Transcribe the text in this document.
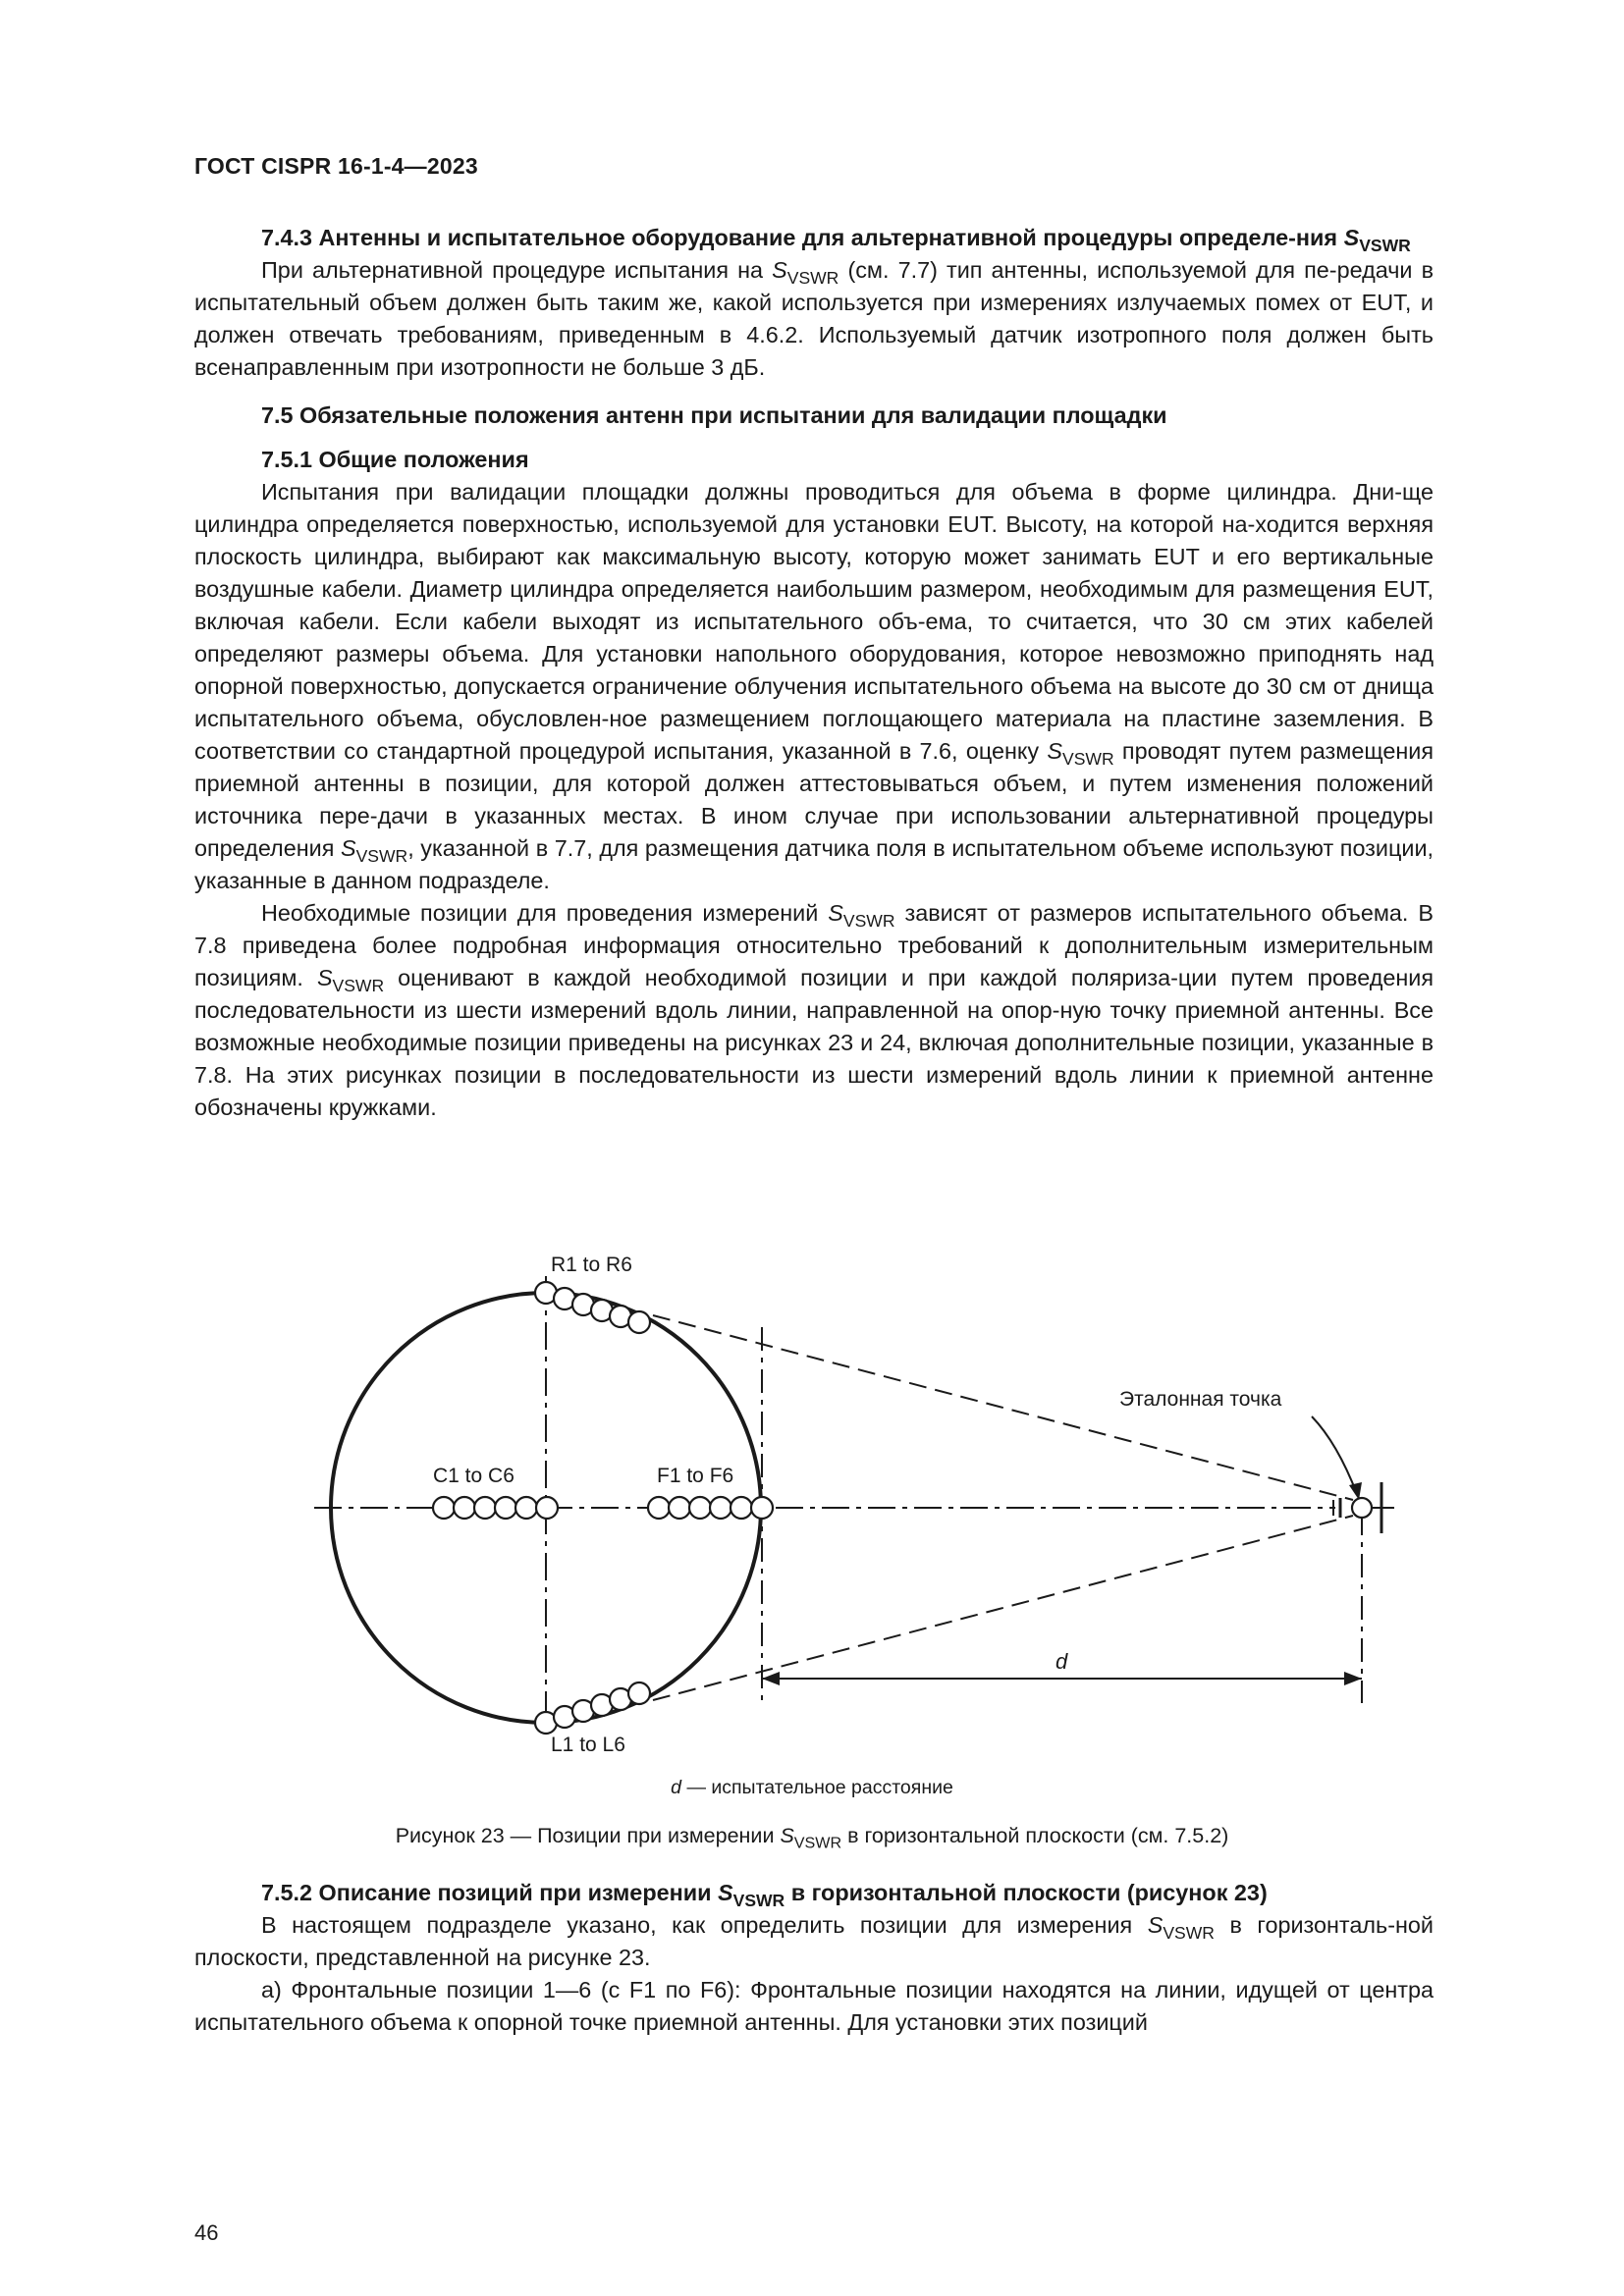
ГОСТ CISPR 16-1-4—2023
7.4.3 Антенны и испытательное оборудование для альтернативной процедуры определе-ния $S_{VSWR}$

При альтернативной процедуре испытания на $S_{VSWR}$ (см. 7.7) тип антенны, используемой для пе-редачи в испытательный объем должен быть таким же, какой используется при измерениях излучаемых помех от EUT, и должен отвечать требованиям, приведенным в 4.6.2. Используемый датчик изотропного поля должен быть всенаправленным при изотропности не больше 3 дБ.

7.5 Обязательные положения антенн при испытании для валидации площадки
7.5.1 Общие положения

Испытания при валидации площадки должны проводиться для объема в форме цилиндра. Дни-ще цилиндра определяется поверхностью, используемой для установки EUT. Высоту, на которой на-ходится верхняя плоскость цилиндра, выбирают как максимальную высоту, которую может занимать EUT и его вертикальные воздушные кабели. Диаметр цилиндра определяется наибольшим размером, необходимым для размещения EUT, включая кабели. Если кабели выходят из испытательного объ-ема, то считается, что 30 см этих кабелей определяют размеры объема. Для установки напольного оборудования, которое невозможно приподнять над опорной поверхностью, допускается ограничение облучения испытательного объема на высоте до 30 см от днища испытательного объема, обусловлен-ное размещением поглощающего материала на пластине заземления. В соответствии со стандартной процедурой испытания, указанной в 7.6, оценку $S_{VSWR}$ проводят путем размещения приемной антенны в позиции, для которой должен аттестовываться объем, и путем изменения положений источника пере-дачи в указанных местах. В ином случае при использовании альтернативной процедуры определения $S_{VSWR}$, указанной в 7.7, для размещения датчика поля в испытательном объеме используют позиции, указанные в данном подразделе.

Необходимые позиции для проведения измерений $S_{VSWR}$ зависят от размеров испытательного объема. В 7.8 приведена более подробная информация относительно требований к дополнительным измерительным позициям. $S_{VSWR}$ оценивают в каждой необходимой позиции и при каждой поляриза-ции путем проведения последовательности из шести измерений вдоль линии, направленной на опор-ную точку приемной антенны. Все возможные необходимые позиции приведены на рисунках 23 и 24, включая дополнительные позиции, указанные в 7.8. На этих рисунках позиции в последовательности из шести измерений вдоль линии к приемной антенне обозначены кружками.

R1 to R6
L1 to L6
C1 to C6	F1 to F6
Эталонная точка
d
d — испытательное расстояние
Рисунок 23 — Позиции при измерении $S_{VSWR}$ в горизонтальной плоскости (см. 7.5.2)
7.5.2 Описание позиций при измерении $S_{VSWR}$ в горизонтальной плоскости (рисунок 23)

В настоящем подразделе указано, как определить позиции для измерения $S_{VSWR}$ в горизонталь-ной плоскости, представленной на рисунке 23.

а) Фронтальные позиции 1—6 (с F1 по F6): Фронтальные позиции находятся на линии, идущей от центра испытательного объема к опорной точке приемной антенны. Для установки этих позиций

46
